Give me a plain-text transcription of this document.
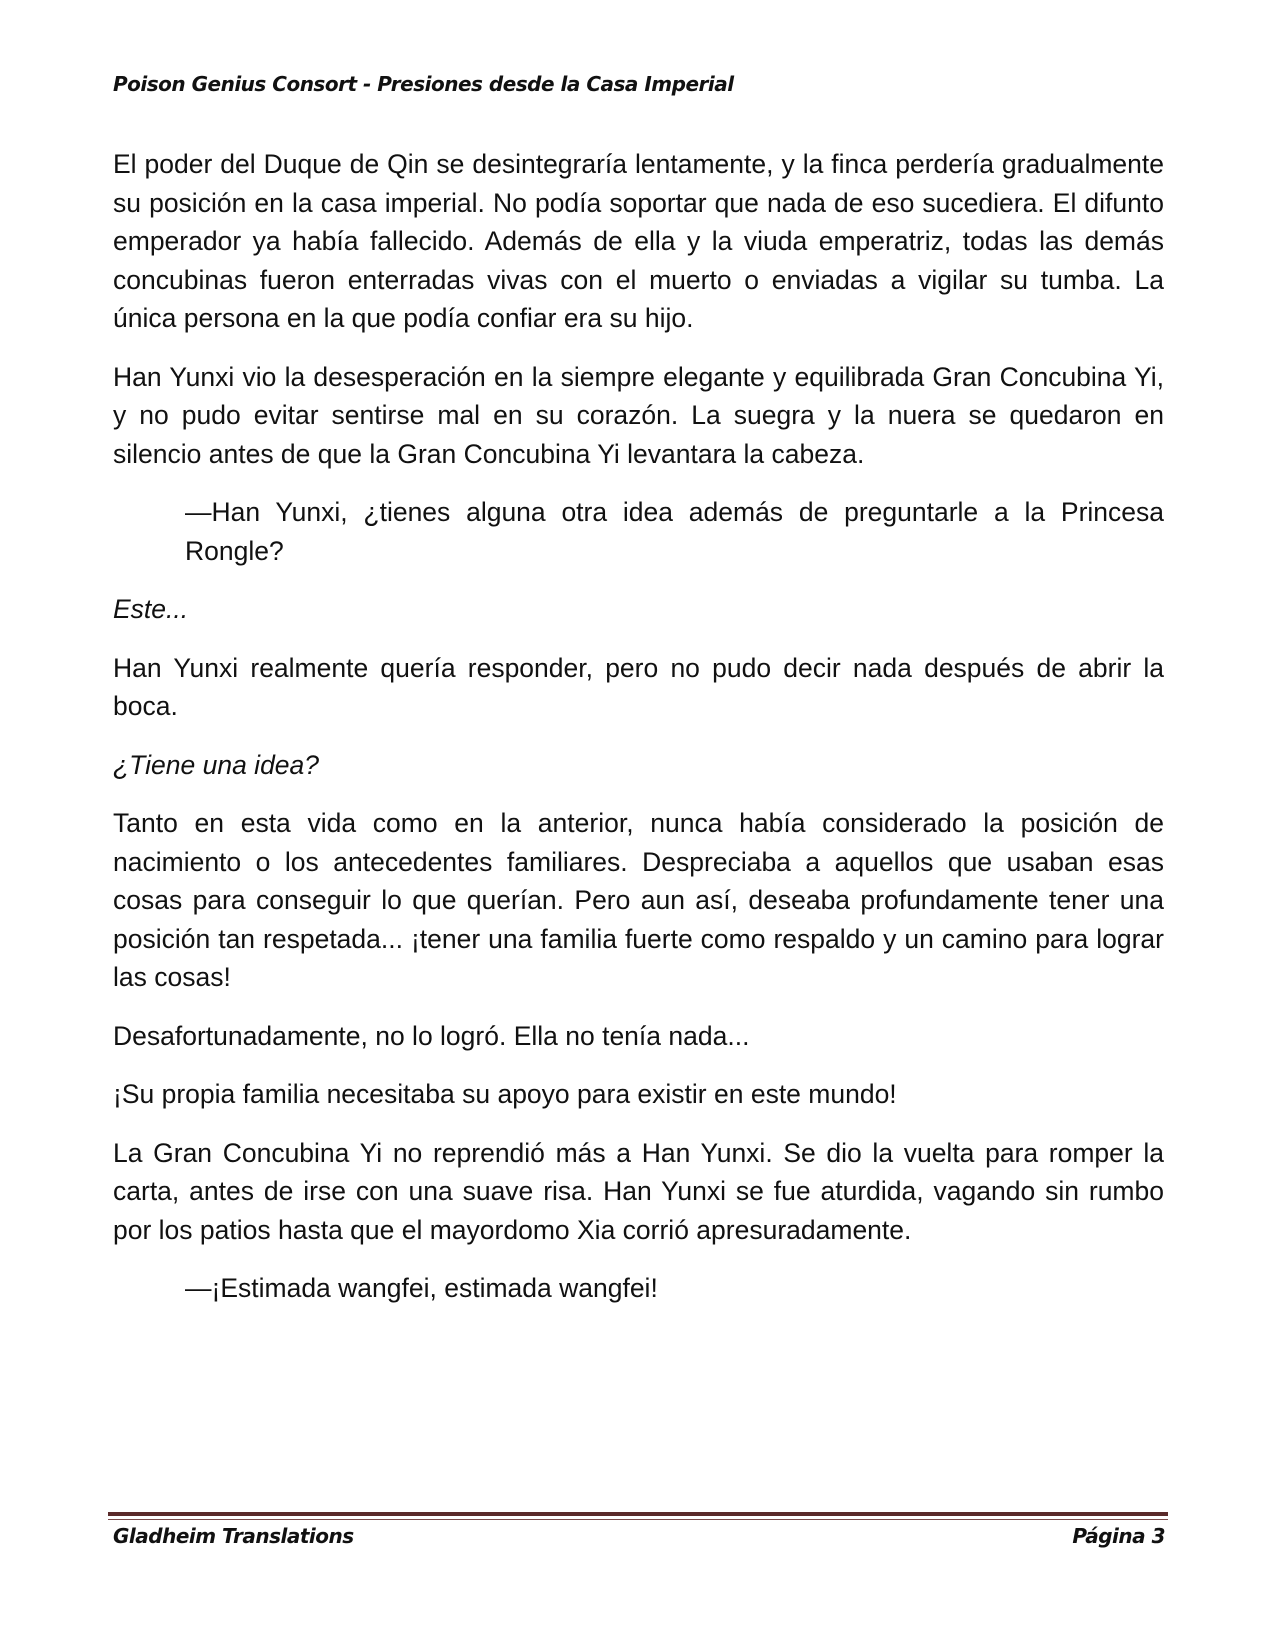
Poison Genius Consort - Presiones desde la Casa Imperial

El poder del Duque de Qin se desintegraría lentamente, y la finca perdería gradualmente su posición en la casa imperial. No podía soportar que nada de eso sucediera. El difunto emperador ya había fallecido. Además de ella y la viuda emperatriz, todas las demás concubinas fueron enterradas vivas con el muerto o enviadas a vigilar su tumba. La única persona en la que podía confiar era su hijo.

Han Yunxi vio la desesperación en la siempre elegante y equilibrada Gran Concubina Yi, y no pudo evitar sentirse mal en su corazón. La suegra y la nuera se quedaron en silencio antes de que la Gran Concubina Yi levantara la cabeza.

—Han Yunxi, ¿tienes alguna otra idea además de preguntarle a la Princesa Rongle?

Este...

Han Yunxi realmente quería responder, pero no pudo decir nada después de abrir la boca.

¿Tiene una idea?

Tanto en esta vida como en la anterior, nunca había considerado la posición de nacimiento o los antecedentes familiares. Despreciaba a aquellos que usaban esas cosas para conseguir lo que querían. Pero aun así, deseaba profundamente tener una posición tan respetada... ¡tener una familia fuerte como respaldo y un camino para lograr las cosas!

Desafortunadamente, no lo logró. Ella no tenía nada...

¡Su propia familia necesitaba su apoyo para existir en este mundo!

La Gran Concubina Yi no reprendió más a Han Yunxi. Se dio la vuelta para romper la carta, antes de irse con una suave risa. Han Yunxi se fue aturdida, vagando sin rumbo por los patios hasta que el mayordomo Xia corrió apresuradamente.

—¡Estimada wangfei, estimada wangfei!

Gladheim Translations	Página 3
